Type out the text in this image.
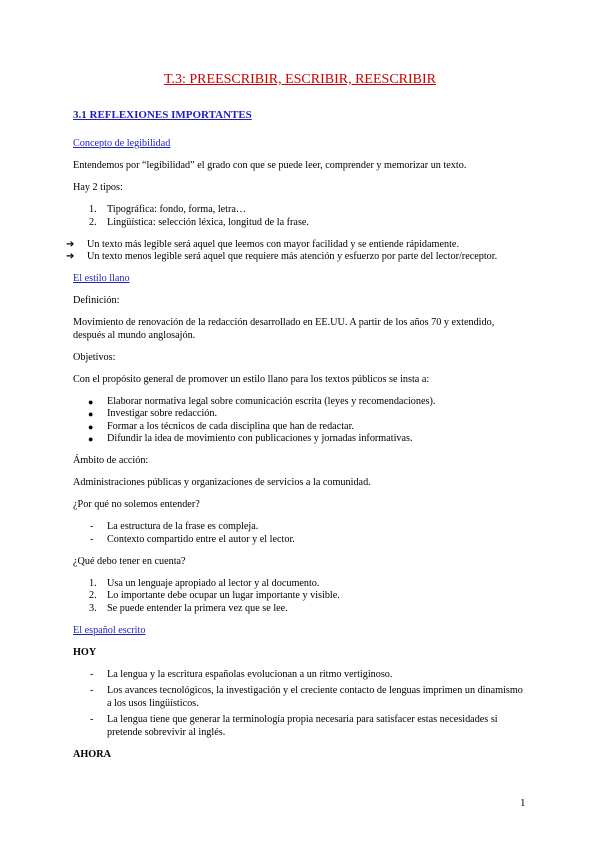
T.3: PREESCRIBIR, ESCRIBIR, REESCRIBIR
3.1 REFLEXIONES IMPORTANTES

Concepto de legibilidad

Entendemos por “legibilidad” el grado con que se puede leer, comprender y memorizar un texto.

Hay 2 tipos:

1. Tipográfica: fondo, forma, letra…
2. Lingüística: selección léxica, longitud de la frase.
➔ Un texto más legible será aquel que leemos con mayor facilidad y se entiende rápidamente.
➔ Un texto menos legible será aquel que requiere más atención y esfuerzo por parte del lector/receptor.

El estilo llano

Definición:

Movimiento de renovación de la redacción desarrollado en EE.UU. A partir de los años 70 y extendido, después al mundo anglosajón.

Objetivos:

Con el propósito general de promover un estilo llano para los textos públicos se insta a:

● Elaborar normativa legal sobre comunicación escrita (leyes y recomendaciones).
● Investigar sobre redacción.
● Formar a los técnicos de cada disciplina que han de redactar.
● Difundir la idea de movimiento con publicaciones y jornadas informativas.

Ámbito de acción:

Administraciones públicas y organizaciones de servicios a la comunidad.

¿Por qué no solemos entender?

- La estructura de la frase es compleja.
- Contexto compartido entre el autor y el lector.

¿Qué debo tener en cuenta?

1. Usa un lenguaje apropiado al lector y al documento.
2. Lo importante debe ocupar un lugar importante y visible.
3. Se puede entender la primera vez que se lee.

El español escrito

HOY

- La lengua y la escritura españolas evolucionan a un ritmo vertiginoso.
- Los avances tecnológicos, la investigación y el creciente contacto de lenguas imprimen un dinamismo a los usos lingüísticos.
- La lengua tiene que generar la terminología propia necesaria para satisfacer estas necesidades si pretende sobrevivir al inglés.

AHORA

1
